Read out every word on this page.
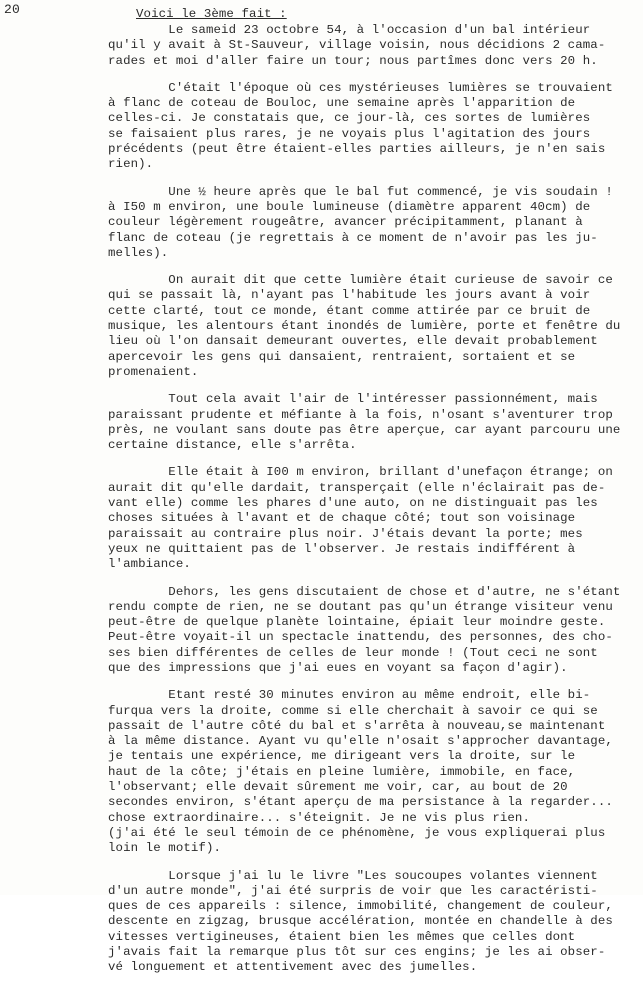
20	Voici le 3ème fait :
Le sameid 23 octobre 54, à l'occasion d'un bal intérieur
qu'il y avait à St-Sauveur, village voisin, nous décidions 2 cama-
rades et moi d'aller faire un tour; nous partîmes donc vers 20 h.
C'était l'époque où ces mystérieuses lumières se trouvaient
à flanc de coteau de Bouloc, une semaine après l'apparition de
celles-ci. Je constatais que, ce jour-là, ces sortes de lumières
se faisaient plus rares, je ne voyais plus l'agitation des jours
précédents (peut être étaient-elles parties ailleurs, je n'en sais
rien).
Une ½ heure après que le bal fut commencé, je vis soudain !
à I50 m environ, une boule lumineuse (diamètre apparent 40cm) de
couleur légèrement rougeâtre, avancer précipitamment, planant à
flanc de coteau (je regrettais à ce moment de n'avoir pas les ju-
melles).
On aurait dit que cette lumière était curieuse de savoir ce
qui se passait là, n'ayant pas l'habitude les jours avant à voir
cette clarté, tout ce monde, étant comme attirée par ce bruit de
musique, les alentours étant inondés de lumière, porte et fenêtre du
lieu où l'on dansait demeurant ouvertes, elle devait probablement
apercevoir les gens qui dansaient, rentraient, sortaient et se
promenaient.
Tout cela avait l'air de l'intéresser passionnément, mais
paraissant prudente et méfiante à la fois, n'osant s'aventurer trop
près, ne voulant sans doute pas être aperçue, car ayant parcouru une
certaine distance, elle s'arrêta.
Elle était à I00 m environ, brillant d'unefaçon étrange; on
aurait dit qu'elle dardait, transperçait (elle n'éclairait pas de-
vant elle) comme les phares d'une auto, on ne distinguait pas les
choses situées à l'avant et de chaque côté; tout son voisinage
paraissait au contraire plus noir. J'étais devant la porte; mes
yeux ne quittaient pas de l'observer. Je restais indifférent à
l'ambiance.
Dehors, les gens discutaient de chose et d'autre, ne s'étant
rendu compte de rien, ne se doutant pas qu'un étrange visiteur venu
peut-être de quelque planète lointaine, épiait leur moindre geste.
Peut-être voyait-il un spectacle inattendu, des personnes, des cho-
ses bien différentes de celles de leur monde ! (Tout ceci ne sont
que des impressions que j'ai eues en voyant sa façon d'agir).
Etant resté 30 minutes environ au même endroit, elle bi-
furqua vers la droite, comme si elle cherchait à savoir ce qui se
passait de l'autre côté du bal et s'arrêta à nouveau,se maintenant
à la même distance. Ayant vu qu'elle n'osait s'approcher davantage,
je tentais une expérience, me dirigeant vers la droite, sur le
haut de la côte; j'étais en pleine lumière, immobile, en face,
l'observant; elle devait sûrement me voir, car, au bout de 20
secondes environ, s'étant aperçu de ma persistance à la regarder...
chose extraordinaire... s'éteignit. Je ne vis plus rien.
(j'ai été le seul témoin de ce phénomène, je vous expliquerai plus
loin le motif).
Lorsque j'ai lu le livre "Les soucoupes volantes viennent
d'un autre monde", j'ai été surpris de voir que les caractéristi-
ques de ces appareils : silence, immobilité, changement de couleur,
descente en zigzag, brusque accélération, montée en chandelle à des
vitesses vertigineuses, étaient bien les mêmes que celles dont
j'avais fait la remarque plus tôt sur ces engins; je les ai obser-
vé longuement et attentivement avec des jumelles.
